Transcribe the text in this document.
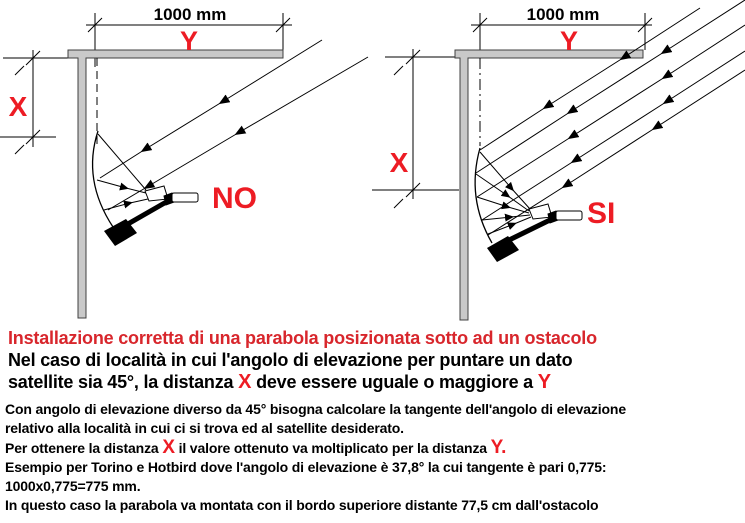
1000 mm
Y
X
NO
1000 mm
Y
X
SI
Installazione corretta di una parabola posizionata sotto ad un ostacolo
Nel caso di località in cui l'angolo di elevazione per puntare un dato
satellite sia 45°, la distanza X deve essere uguale o maggiore a Y
Con angolo di elevazione diverso da 45° bisogna calcolare la tangente dell'angolo di elevazione
relativo alla località in cui ci si trova ed al satellite desiderato.
Per ottenere la distanza X il valore ottenuto va moltiplicato per la distanza Y.
Esempio per Torino e Hotbird dove l'angolo di elevazione è 37,8° la cui tangente è pari 0,775:
1000x0,775=775 mm.
In questo caso la parabola va montata con il bordo superiore distante 77,5 cm dall'ostacolo
